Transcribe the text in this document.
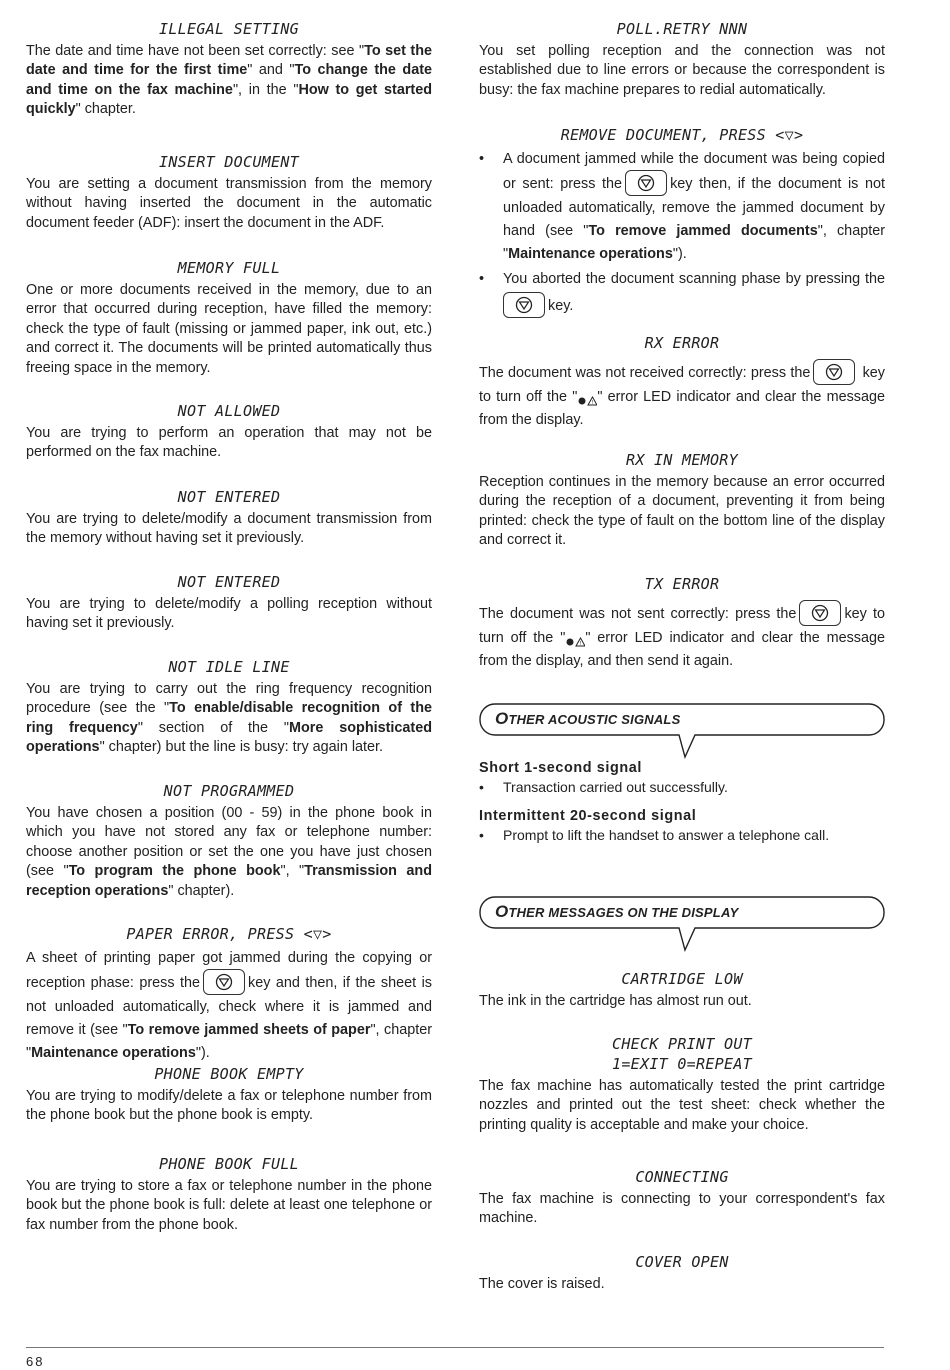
ILLEGAL SETTING

The date and time have not been set correctly: see "To set the date and time for the first time" and "To change the date and time on the fax machine", in the "How to get started quickly" chapter.

INSERT DOCUMENT

You are setting a document transmission from the memory without having inserted the document in the automatic document feeder (ADF): insert the document in the ADF.

MEMORY FULL

One or more documents received in the memory, due to an error that occurred during reception, have filled the memory: check the type of fault (missing or jammed paper, ink out, etc.) and correct it. The documents will be printed automatically thus freeing space in the memory.

NOT ALLOWED

You are trying to perform an operation that may not be performed on the fax machine.

NOT ENTERED

You are trying to delete/modify a document transmission from the memory without having set it previously.

NOT ENTERED

You are trying to delete/modify a polling reception without having set it previously.

NOT IDLE LINE

You are trying to carry out the ring frequency recognition procedure (see the "To enable/disable recognition of the ring frequency" section of the "More sophisticated operations" chapter) but the line is busy: try again later.

NOT PROGRAMMED

You have chosen a position (00 - 59) in the phone book in which you have not stored any fax or telephone number: choose another position or set the one you have just chosen (see "To program the phone book", "Transmission and reception operations" chapter).

PAPER ERROR, PRESS <▽>

A sheet of printing paper got jammed during the copying or reception phase: press the	key and then, if the sheet is not unloaded automatically, check where it is jammed and remove it (see "To remove jammed sheets of paper", chapter "Maintenance operations").

PHONE BOOK EMPTY

You are trying to modify/delete a fax or telephone number from the phone book but the phone book is empty.

PHONE BOOK FULL

You are trying to store a fax or telephone number in the phone book but the phone book is full: delete at least one telephone or fax number from the phone book.

POLL.RETRY NNN

You set polling reception and the connection was not established due to line errors or because the correspondent is busy: the fax machine prepares to redial automatically.

REMOVE DOCUMENT, PRESS <▽>

• A document jammed while the document was being copied or sent: press the	key then, if the document is not unloaded automatically, remove the jammed document by hand (see "To remove jammed documents", chapter "Maintenance operations").

• You aborted the document scanning phase by pressing the
key.

RX ERROR

The document was not received correctly: press the	key to turn off the "	! " error LED indicator and clear the message from the display.

RX IN MEMORY

Reception continues in the memory because an error occurred during the reception of a document, preventing it from being printed: check the type of fault on the bottom line of the display and correct it.

TX ERROR

The document was not sent correctly: press the	key to turn off the "	! " error LED indicator and clear the message from the display, and then send it again.

OTHER ACOUSTIC SIGNALS

Short 1-second signal

• Transaction carried out successfully.

Intermittent 20-second signal

• Prompt to lift the handset to answer a telephone call.

OTHER MESSAGES ON THE DISPLAY
CARTRIDGE LOW

The ink in the cartridge has almost run out.

CHECK PRINT OUT
1=EXIT 0=REPEAT

The fax machine has automatically tested the print cartridge nozzles and printed out the test sheet: check whether the printing quality is acceptable and make your choice.

CONNECTING

The fax machine is connecting to your correspondent's fax machine.

COVER OPEN

The cover is raised.

68
